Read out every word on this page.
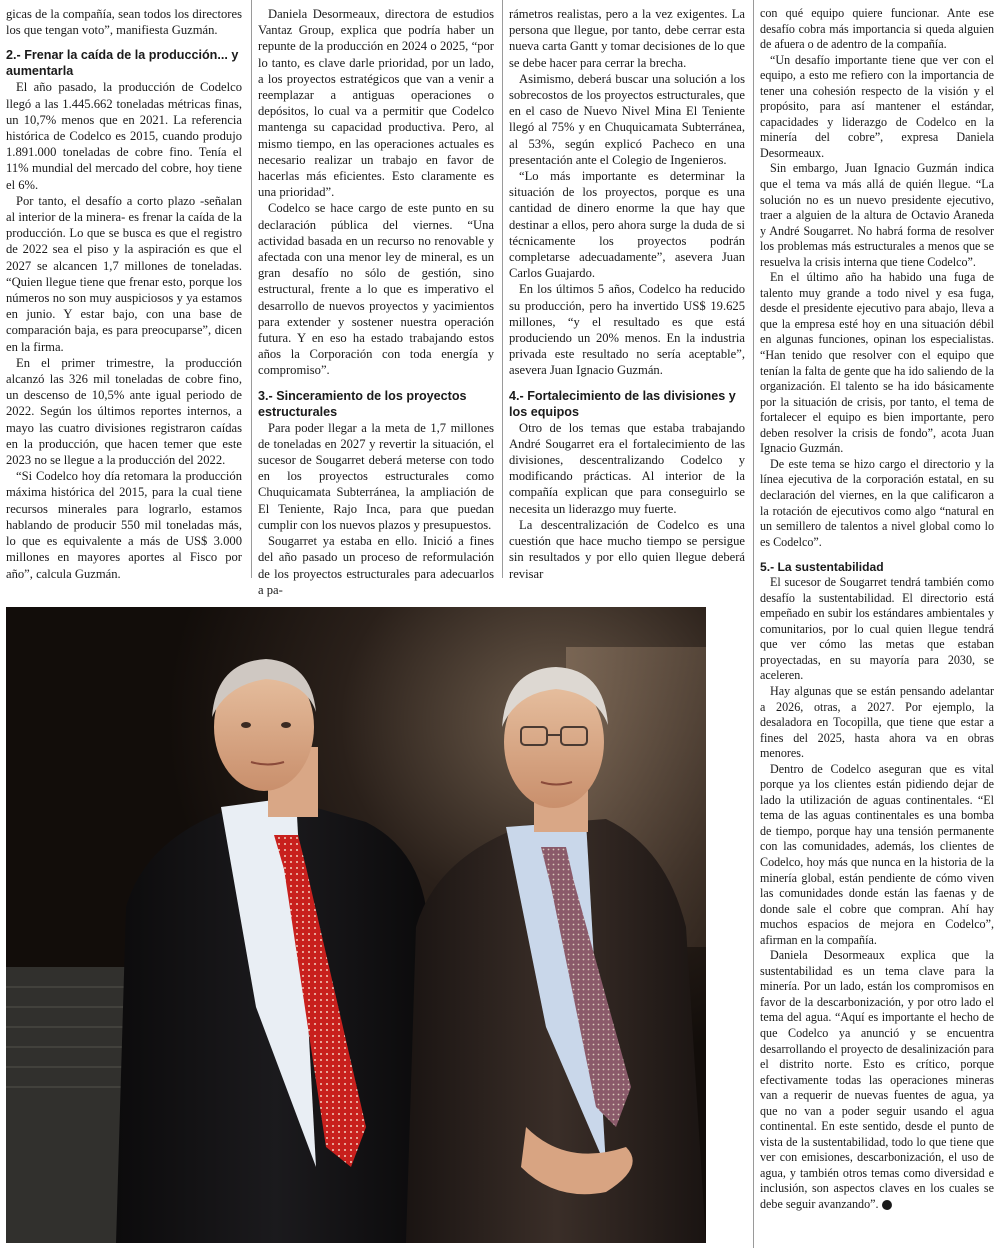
gicas de la compañía, sean todos los directores los que tengan voto”, manifiesta Guzmán.

2.- Frenar la caída de la producción... y aumentarla

El año pasado, la producción de Codelco llegó a las 1.445.662 toneladas métricas finas, un 10,7% menos que en 2021. La referencia histórica de Codelco es 2015, cuando produjo 1.891.000 toneladas de cobre fino. Tenía el 11% mundial del mercado del cobre, hoy tiene el 6%.

Por tanto, el desafío a corto plazo -señalan al interior de la minera- es frenar la caída de la producción. Lo que se busca es que el registro de 2022 sea el piso y la aspiración es que el 2027 se alcancen 1,7 millones de toneladas. “Quien llegue tiene que frenar esto, porque los números no son muy auspiciosos y ya estamos en junio. Y estar bajo, con una base de comparación baja, es para preocuparse”, dicen en la firma.

En el primer trimestre, la producción alcanzó las 326 mil toneladas de cobre fino, un descenso de 10,5% ante igual periodo de 2022. Según los últimos reportes internos, a mayo las cuatro divisiones registraron caídas en la producción, que hacen temer que este 2023 no se llegue a la producción del 2022.

“Si Codelco hoy día retomara la producción máxima histórica del 2015, para la cual tiene recursos minerales para lograrlo, estamos hablando de producir 550 mil toneladas más, lo que es equivalente a más de US$ 3.000 millones en mayores aportes al Fisco por año”, calcula Guzmán.

Daniela Desormeaux, directora de estudios Vantaz Group, explica que podría haber un repunte de la producción en 2024 o 2025, “por lo tanto, es clave darle prioridad, por un lado, a los proyectos estratégicos que van a venir a reemplazar a antiguas operaciones o depósitos, lo cual va a permitir que Codelco mantenga su capacidad productiva. Pero, al mismo tiempo, en las operaciones actuales es necesario realizar un trabajo en favor de hacerlas más eficientes. Esto claramente es una prioridad”.

Codelco se hace cargo de este punto en su declaración pública del viernes. “Una actividad basada en un recurso no renovable y afectada con una menor ley de mineral, es un gran desafío no sólo de gestión, sino estructural, frente a lo que es imperativo el desarrollo de nuevos proyectos y yacimientos para extender y sostener nuestra operación futura. Y en eso ha estado trabajando estos años la Corporación con toda energía y compromiso”.

3.- Sinceramiento de los proyectos estructurales

Para poder llegar a la meta de 1,7 millones de toneladas en 2027 y revertir la situación, el sucesor de Sougarret deberá meterse con todo en los proyectos estructurales como Chuquicamata Subterránea, la ampliación de El Teniente, Rajo Inca, para que puedan cumplir con los nuevos plazos y presupuestos.

Sougarret ya estaba en ello. Inició a fines del año pasado un proceso de reformulación de los proyectos estructurales para adecuarlos a pa-

rámetros realistas, pero a la vez exigentes. La persona que llegue, por tanto, debe cerrar esta nueva carta Gantt y tomar decisiones de lo que se debe hacer para cerrar la brecha.

Asimismo, deberá buscar una solución a los sobrecostos de los proyectos estructurales, que en el caso de Nuevo Nivel Mina El Teniente llegó al 75% y en Chuquicamata Subterránea, al 53%, según explicó Pacheco en una presentación ante el Colegio de Ingenieros.

“Lo más importante es determinar la situación de los proyectos, porque es una cantidad de dinero enorme la que hay que destinar a ellos, pero ahora surge la duda de si técnicamente los proyectos podrán completarse adecuadamente”, asevera Juan Carlos Guajardo.

En los últimos 5 años, Codelco ha reducido su producción, pero ha invertido US$ 19.625 millones, “y el resultado es que está produciendo un 20% menos. En la industria privada este resultado no sería aceptable”, asevera Juan Ignacio Guzmán.

4.- Fortalecimiento de las divisiones y los equipos

Otro de los temas que estaba trabajando André Sougarret era el fortalecimiento de las divisiones, descentralizando Codelco y modificando prácticas. Al interior de la compañía explican que para conseguirlo se necesita un liderazgo muy fuerte.

La descentralización de Codelco es una cuestión que hace mucho tiempo se persigue sin resultados y por ello quien llegue deberá revisar

con qué equipo quiere funcionar. Ante ese desafío cobra más importancia si queda alguien de afuera o de adentro de la compañía.

“Un desafío importante tiene que ver con el equipo, a esto me refiero con la importancia de tener una cohesión respecto de la visión y el propósito, para así mantener el estándar, capacidades y liderazgo de Codelco en la minería del cobre”, expresa Daniela Desormeaux.

Sin embargo, Juan Ignacio Guzmán indica que el tema va más allá de quién llegue. “La solución no es un nuevo presidente ejecutivo, traer a alguien de la altura de Octavio Araneda y André Sougarret. No habrá forma de resolver los problemas más estructurales a menos que se resuelva la crisis interna que tiene Codelco”.

En el último año ha habido una fuga de talento muy grande a todo nivel y esa fuga, desde el presidente ejecutivo para abajo, lleva a que la empresa esté hoy en una situación débil en algunas funciones, opinan los especialistas. “Han tenido que resolver con el equipo que tenían la falta de gente que ha ido saliendo de la organización. El talento se ha ido básicamente por la situación de crisis, por tanto, el tema de fortalecer el equipo es bien importante, pero deben resolver la crisis de fondo”, acota Juan Ignacio Guzmán.

De este tema se hizo cargo el directorio y la línea ejecutiva de la corporación estatal, en su declaración del viernes, en la que calificaron a la rotación de ejecutivos como algo “natural en un semillero de talentos a nivel global como lo es Codelco”.

5.- La sustentabilidad

El sucesor de Sougarret tendrá también como desafío la sustentabilidad. El directorio está empeñado en subir los estándares ambientales y comunitarios, por lo cual quien llegue tendrá que ver cómo las metas que estaban proyectadas, en su mayoría para 2030, se aceleren.

Hay algunas que se están pensando adelantar a 2026, otras, a 2027. Por ejemplo, la desaladora en Tocopilla, que tiene que estar a fines del 2025, hasta ahora va en obras menores.

Dentro de Codelco aseguran que es vital porque ya los clientes están pidiendo dejar de lado la utilización de aguas continentales. “El tema de las aguas continentales es una bomba de tiempo, porque hay una tensión permanente con las comunidades, además, los clientes de Codelco, hoy más que nunca en la historia de la minería global, están pendiente de cómo viven las comunidades donde están las faenas y de donde sale el cobre que compran. Ahí hay muchos espacios de mejora en Codelco”, afirman en la compañía.

Daniela Desormeaux explica que la sustentabilidad es un tema clave para la minería. Por un lado, están los compromisos en favor de la descarbonización, y por otro lado el tema del agua. “Aquí es importante el hecho de que Codelco ya anunció y se encuentra desarrollando el proyecto de desalinización para el distrito norte. Esto es crítico, porque efectivamente todas las operaciones mineras van a requerir de nuevas fuentes de agua, ya que no van a poder seguir usando el agua continental. En este sentido, desde el punto de vista de la sustentabilidad, todo lo que tiene que ver con emisiones, descarbonización, el uso de agua, y también otros temas como diversidad e inclusión, son aspectos claves en los cuales se debe seguir avanzando”. P
